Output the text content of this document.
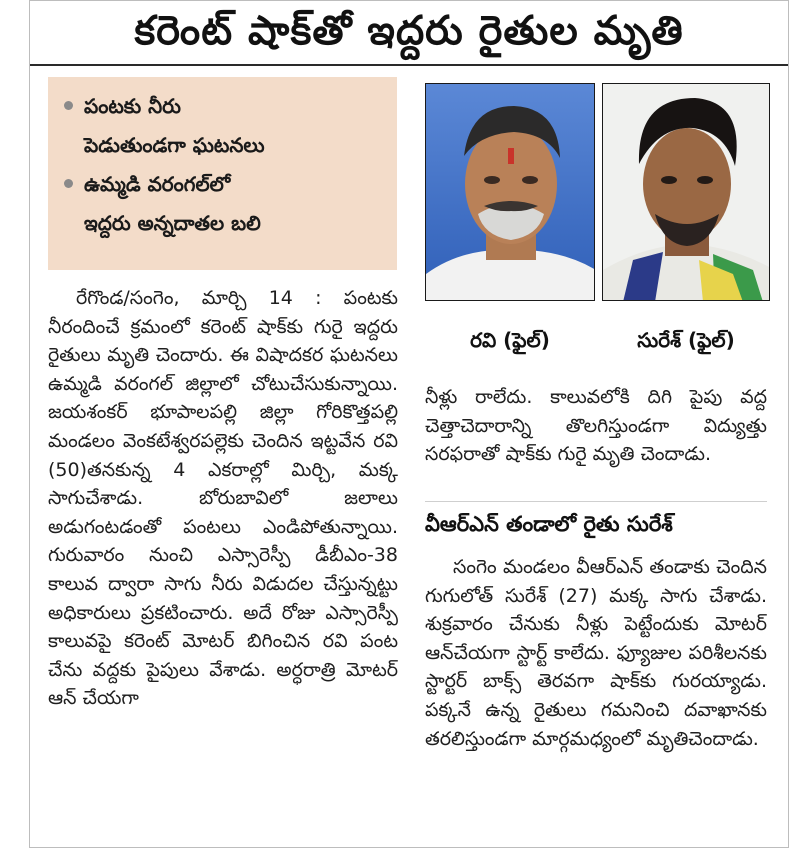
కరెంట్ షాక్‌తో ఇద్దరు రైతుల మృతి
పంటకు నీరు
పెడుతుండగా ఘటనలు
ఉమ్మడి వరంగల్‌లో
ఇద్దరు అన్నదాతల బలి
రేగొండ/సంగెం, మార్చి 14 : పంటకు నీరందించే క్రమంలో కరెంట్ షాక్‌కు గురై ఇద్దరు రైతులు మృతి చెందారు. ఈ విషాదకర ఘటనలు ఉమ్మడి వరంగల్ జిల్లాలో చోటుచేసుకున్నాయి. జయశంకర్ భూపాలపల్లి జిల్లా గోరికొత్తపల్లి మండలం వెంకటేశ్వరపల్లెకు చెందిన ఇట్టవేన రవి (50)తనకున్న 4 ఎకరాల్లో మిర్చి, మక్క సాగుచేశాడు. బోరుబావిలో జలాలు అడుగంటడంతో పంటలు ఎండిపోతున్నాయి. గురువారం నుంచి ఎస్సారెస్పీ డీబీఎం-38 కాలువ ద్వారా సాగు నీరు విడుదల చేస్తున్నట్టు అధికారులు ప్రకటించారు. అదే రోజు ఎస్సారెస్పీ కాలువపై కరెంట్ మోటర్ బిగించిన రవి పంట చేను వద్దకు పైపులు వేశాడు. అర్ధరాత్రి మోటర్ ఆన్ చేయగా
రవి (ఫైల్)	సురేశ్ (ఫైల్)
నీళ్లు రాలేదు. కాలువలోకి దిగి పైపు వద్ద చెత్తాచెదారాన్ని తొలగిస్తుండగా విద్యుత్తు సరఫరాతో షాక్‌కు గురై మృతి చెందాడు.
వీఆర్ఎన్ తండాలో రైతు సురేశ్
సంగెం మండలం వీఆర్ఎన్ తండాకు చెందిన గుగులోత్ సురేశ్ (27) మక్క సాగు చేశాడు. శుక్రవారం చేనుకు నీళ్లు పెట్టేందుకు మోటర్ ఆన్‌చేయగా స్టార్ట్ కాలేదు. ఫ్యూజుల పరిశీలనకు స్టార్టర్ బాక్స్ తెరవగా షాక్‌కు గురయ్యాడు. పక్కనే ఉన్న రైతులు గమనించి దవాఖానకు తరలిస్తుండగా మార్గమధ్యంలో మృతిచెందాడు.
